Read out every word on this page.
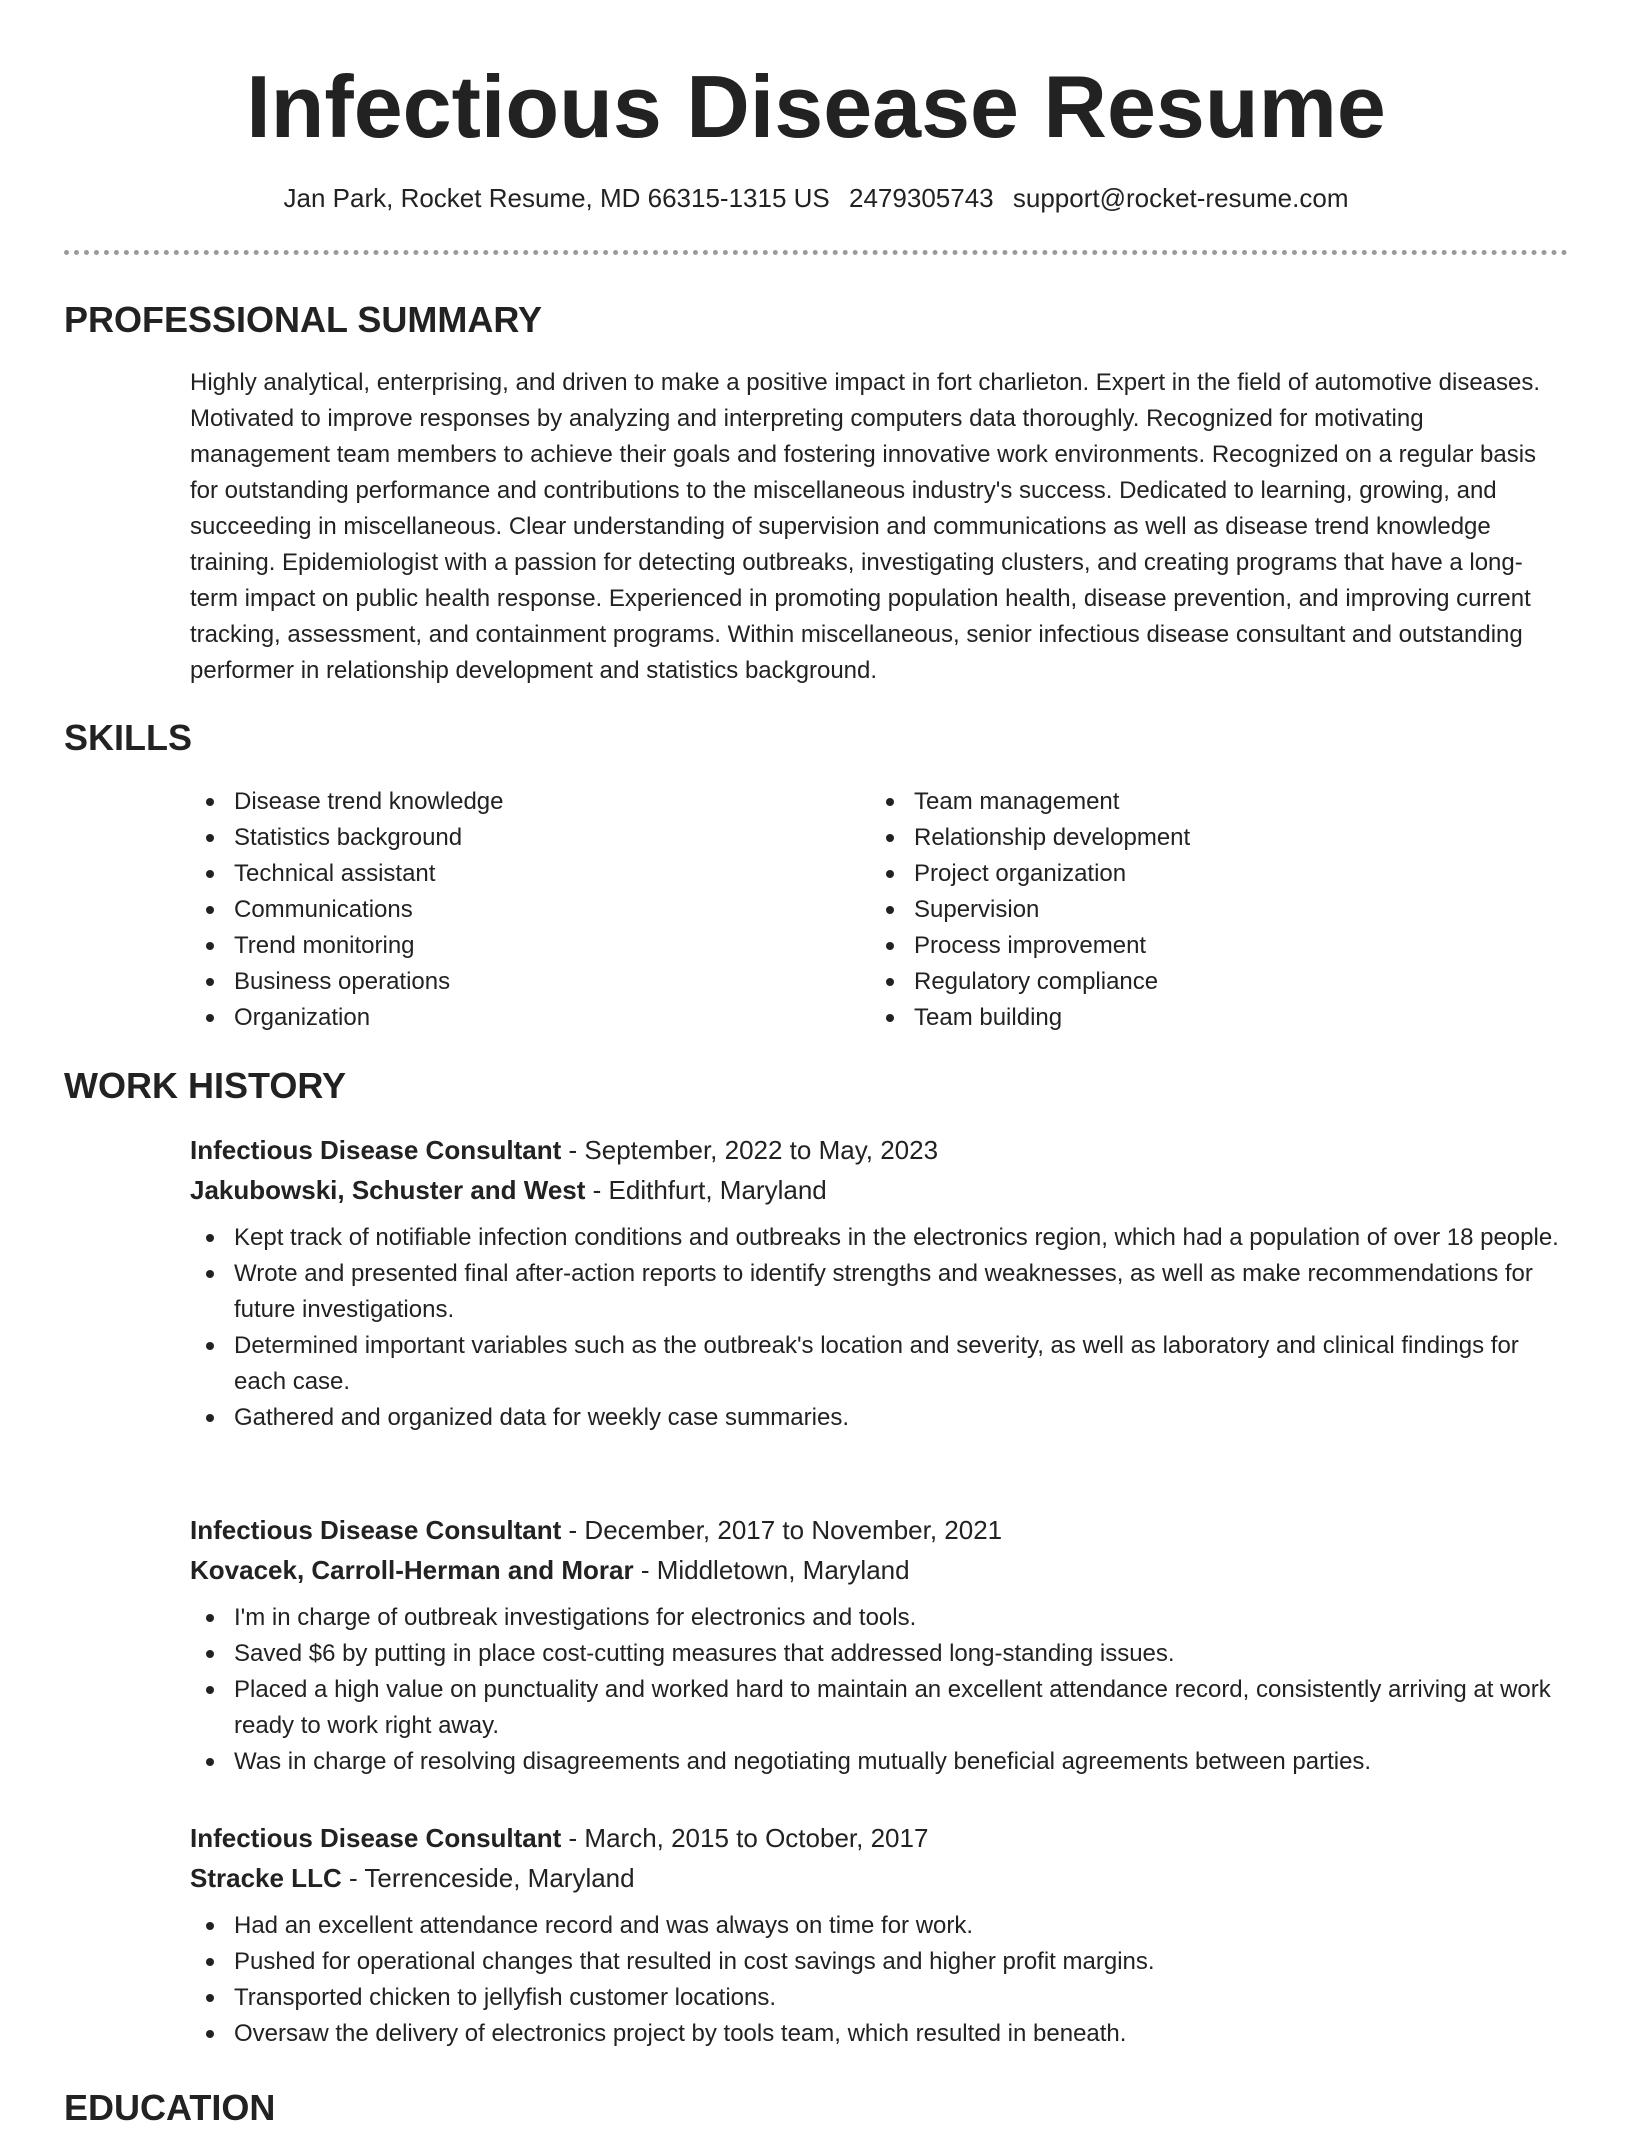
Infectious Disease Resume
Jan Park, Rocket Resume, MD 66315-1315 US 2479305743 support@rocket-resume.com
PROFESSIONAL SUMMARY

Highly analytical, enterprising, and driven to make a positive impact in fort charlieton. Expert in the field of automotive diseases. Motivated to improve responses by analyzing and interpreting computers data thoroughly. Recognized for motivating management team members to achieve their goals and fostering innovative work environments. Recognized on a regular basis for outstanding performance and contributions to the miscellaneous industry's success. Dedicated to learning, growing, and succeeding in miscellaneous. Clear understanding of supervision and communications as well as disease trend knowledge training. Epidemiologist with a passion for detecting outbreaks, investigating clusters, and creating programs that have a long-term impact on public health response. Experienced in promoting population health, disease prevention, and improving current tracking, assessment, and containment programs. Within miscellaneous, senior infectious disease consultant and outstanding performer in relationship development and statistics background.

SKILLS
Disease trend knowledge
Statistics background
Technical assistant
Communications
Trend monitoring
Business operations
Organization
Team management
Relationship development
Project organization
Supervision
Process improvement
Regulatory compliance
Team building
WORK HISTORY

Infectious Disease Consultant - September, 2022 to May, 2023

Jakubowski, Schuster and West - Edithfurt, Maryland

Kept track of notifiable infection conditions and outbreaks in the electronics region, which had a population of over 18 people.
Wrote and presented final after-action reports to identify strengths and weaknesses, as well as make recommendations for future investigations.
Determined important variables such as the outbreak's location and severity, as well as laboratory and clinical findings for each case.
Gathered and organized data for weekly case summaries.

Infectious Disease Consultant - December, 2017 to November, 2021

Kovacek, Carroll-Herman and Morar - Middletown, Maryland

I'm in charge of outbreak investigations for electronics and tools.
Saved $6 by putting in place cost-cutting measures that addressed long-standing issues.
Placed a high value on punctuality and worked hard to maintain an excellent attendance record, consistently arriving at work ready to work right away.
Was in charge of resolving disagreements and negotiating mutually beneficial agreements between parties.

Infectious Disease Consultant - March, 2015 to October, 2017

Stracke LLC - Terrenceside, Maryland

Had an excellent attendance record and was always on time for work.
Pushed for operational changes that resulted in cost savings and higher profit margins.
Transported chicken to jellyfish customer locations.
Oversaw the delivery of electronics project by tools team, which resulted in beneath.
EDUCATION
